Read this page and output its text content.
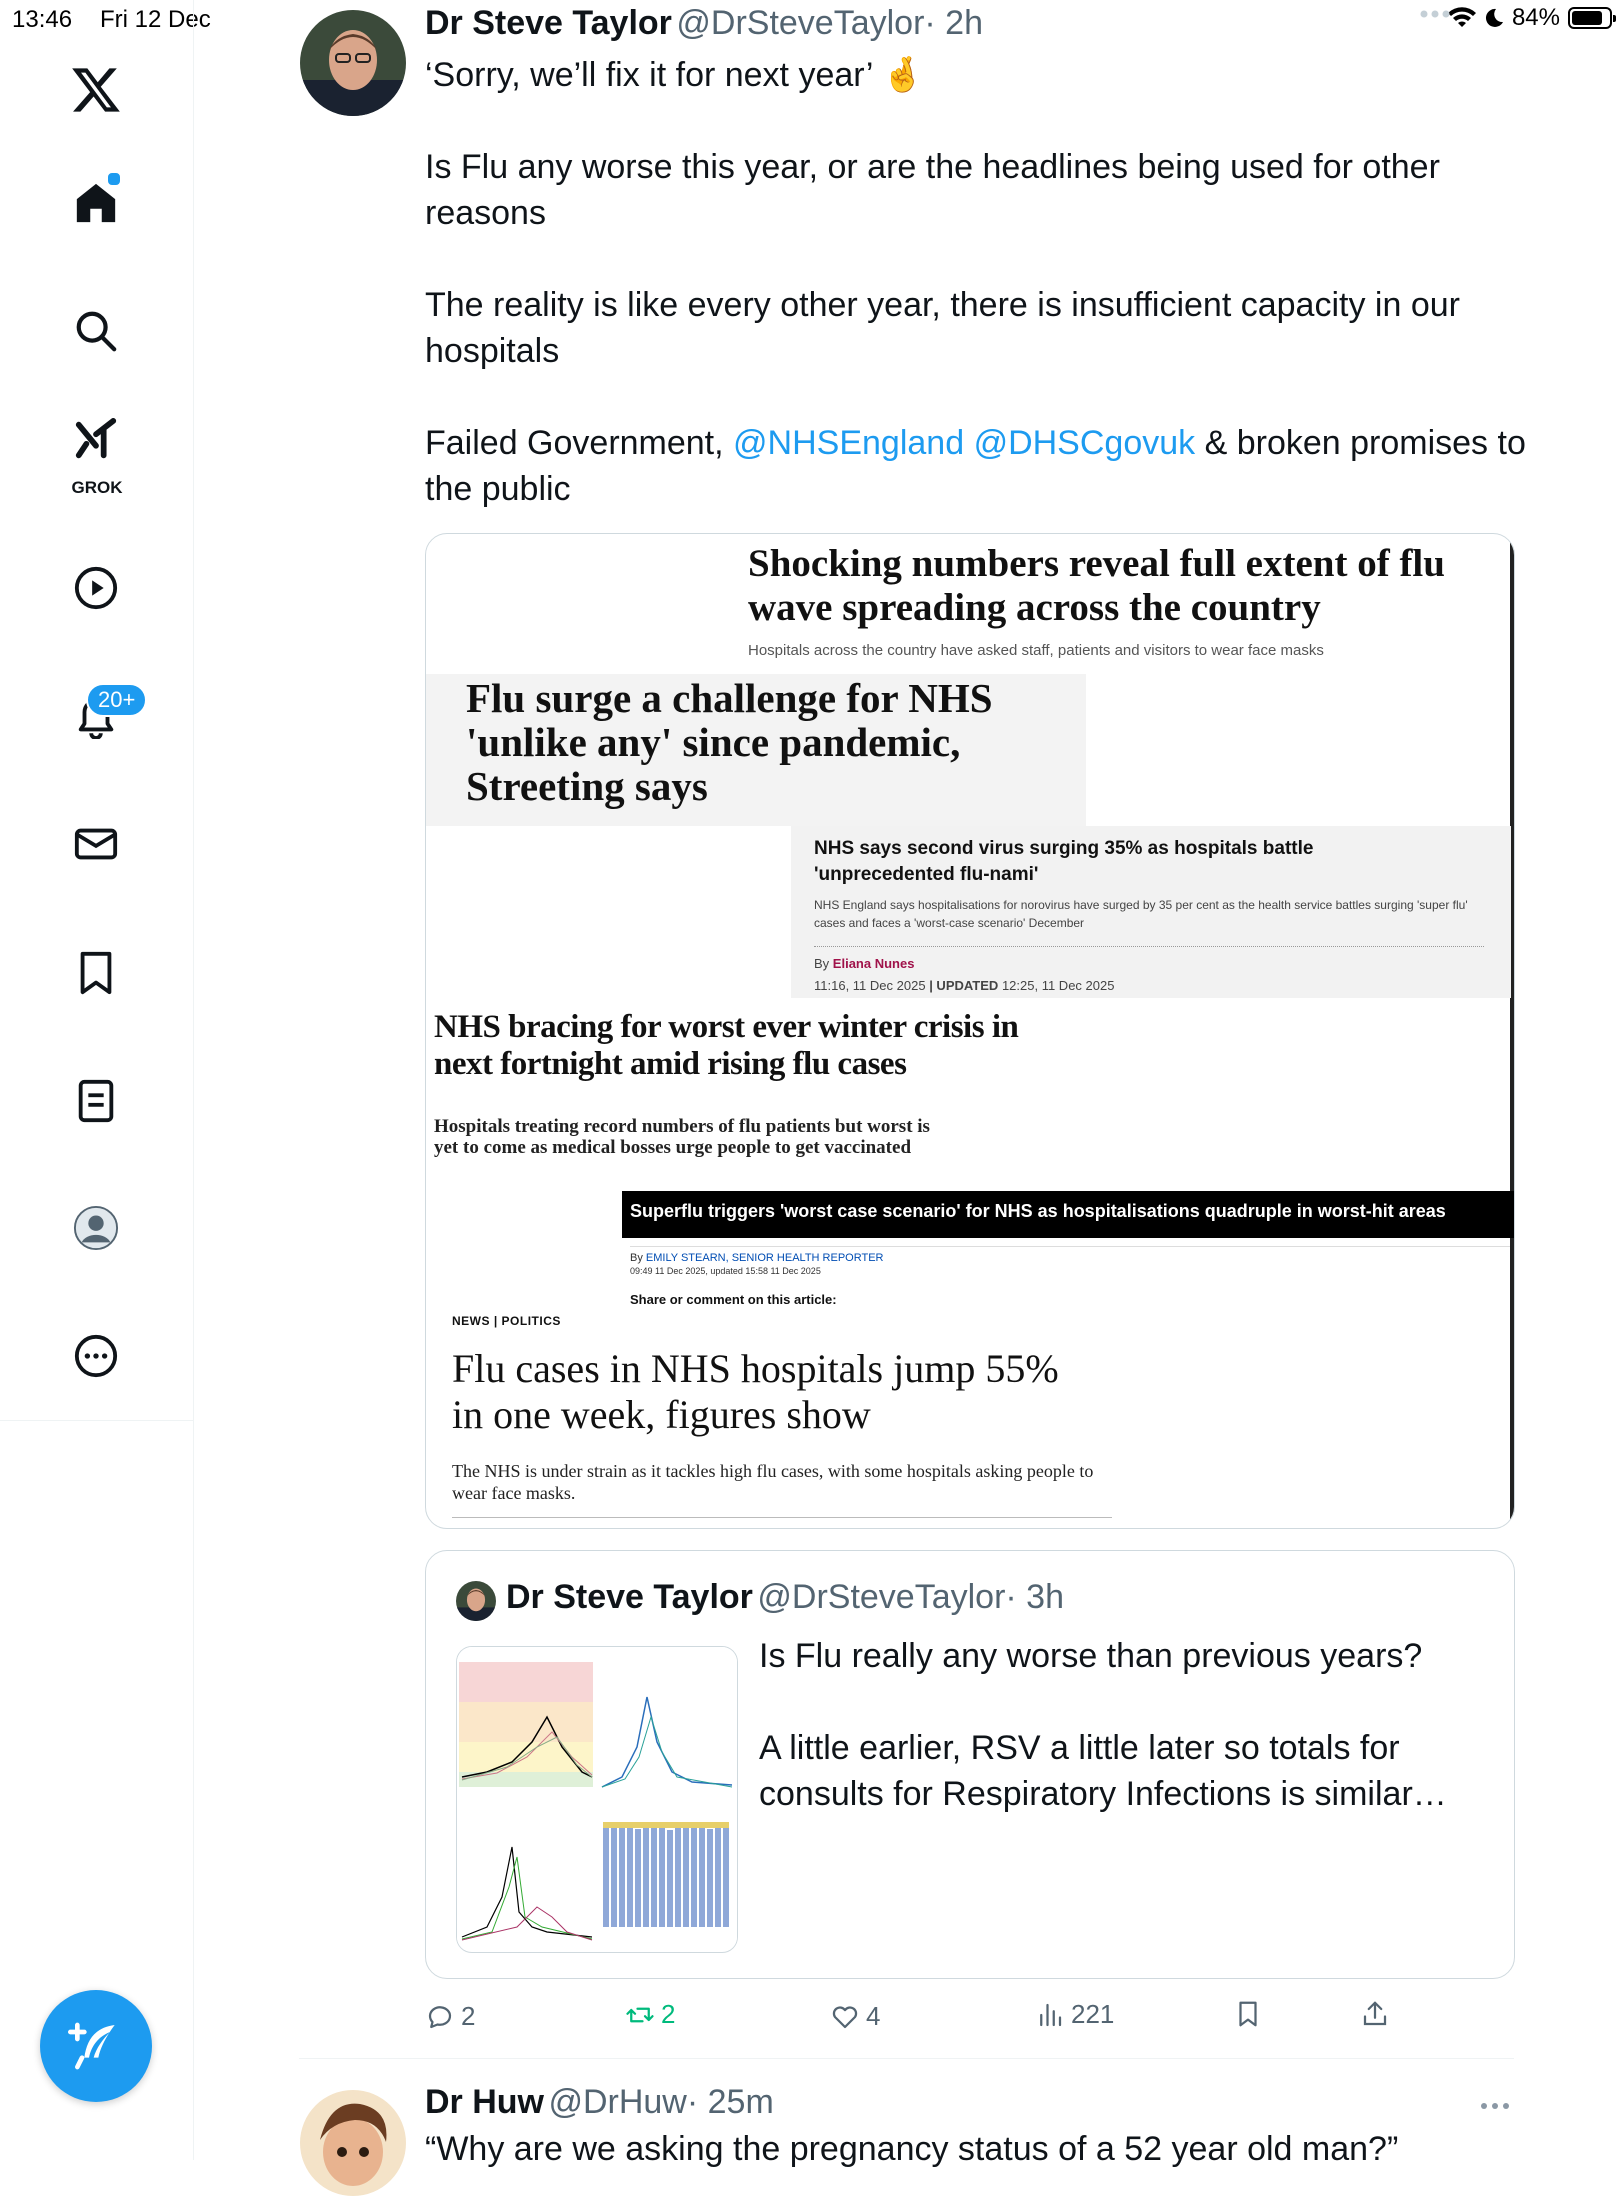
13:46 Fri 12 Dec	84%
GROK
20+
Dr Steve Taylor @DrSteveTaylor· 2h

‘Sorry, we’ll fix it for next year’ 🤞

Is Flu any worse this year, or are the headlines being used for other reasons

The reality is like every other year, there is insufficient capacity in our hospitals

Failed Government, @NHSEngland @DHSCgovuk & broken promises to the public

Shocking numbers reveal full extent of flu wave spreading across the country
Hospitals across the country have asked staff, patients and visitors to wear face masks
Flu surge a challenge for NHS 'unlike any' since pandemic, Streeting says
NHS says second virus surging 35% as hospitals battle 'unprecedented flu-nami'
NHS England says hospitalisations for norovirus have surged by 35 per cent as the health service battles surging 'super flu' cases and faces a 'worst-case scenario' December
By Eliana Nunes
11:16, 11 Dec 2025 | UPDATED 12:25, 11 Dec 2025
NHS bracing for worst ever winter crisis in next fortnight amid rising flu cases
Hospitals treating record numbers of flu patients but worst is yet to come as medical bosses urge people to get vaccinated
Superflu triggers 'worst case scenario' for NHS as hospitalisations quadruple in worst-hit areas
By EMILY STEARN, SENIOR HEALTH REPORTER
09:49 11 Dec 2025, updated 15:58 11 Dec 2025
Share or comment on this article:
NEWS | POLITICS
Flu cases in NHS hospitals jump 55% in one week, figures show
The NHS is under strain as it tackles high flu cases, with some hospitals asking people to wear face masks.
Dr Steve Taylor @DrSteveTaylor· 3h

Is Flu really any worse than previous years?

A little earlier, RSV a little later so totals for consults for Respiratory Infections is similar…

2	2	4	221
Dr Huw @DrHuw· 25m
“Why are we asking the pregnancy status of a 52 year old man?”
